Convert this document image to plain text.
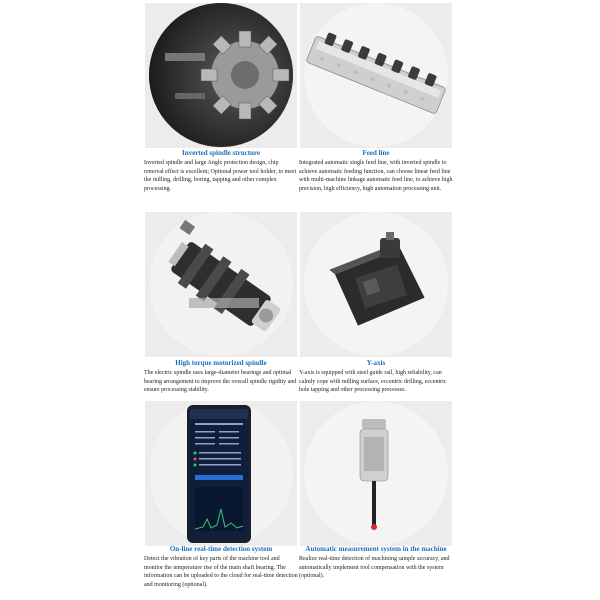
Inverted spindle structure
Inverted spindle and large Angle protection design, chip removal effect is excellent; Optional power tool holder, to meet the milling, drilling, boring, tapping and other complex processing.
Feed line
Integrated automatic single feed line, with inverted spindle to achieve automatic feeding function, can choose linear feed line with multi-machine linkage automatic feed line, to achieve high precision, high efficiency, high automation processing unit.
High torque motorized spindle
The electric spindle uses large-diameter bearings and optimal bearing arrangement to improve the overall spindle rigidity and ensure processing stability.
Y-axis
Y-axis is equipped with steel guide rail, high reliability, can calmly cope with milling surface, eccentric drilling, eccentric hole tapping and other processing processes.
On-line real-time detection system
Detect the vibration of key parts of the machine tool and monitor the temperature rise of the main shaft bearing. The information can be uploaded to the cloud for real-time detection and monitoring (optional).
Automatic measurement system in the machine
Realize real-time detection of machining sample accuracy, and automatically implement tool compensation with the system (optional).
